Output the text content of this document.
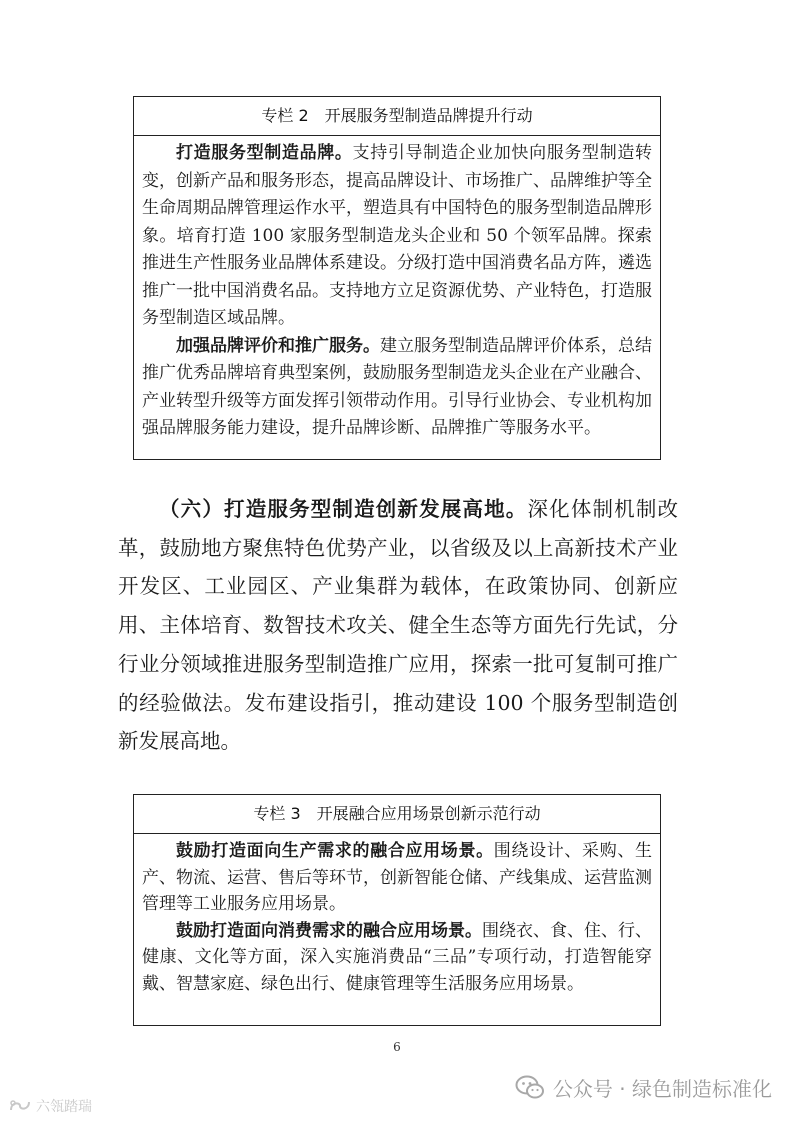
专栏 2　开展服务型制造品牌提升行动

打造服务型制造品牌。支持引导制造企业加快向服务型制造转变，创新产品和服务形态，提高品牌设计、市场推广、品牌维护等全生命周期品牌管理运作水平，塑造具有中国特色的服务型制造品牌形象。培育打造 100 家服务型制造龙头企业和 50 个领军品牌。探索推进生产性服务业品牌体系建设。分级打造中国消费名品方阵，遴选推广一批中国消费名品。支持地方立足资源优势、产业特色，打造服务型制造区域品牌。

加强品牌评价和推广服务。建立服务型制造品牌评价体系，总结推广优秀品牌培育典型案例，鼓励服务型制造龙头企业在产业融合、产业转型升级等方面发挥引领带动作用。引导行业协会、专业机构加强品牌服务能力建设，提升品牌诊断、品牌推广等服务水平。

（六）打造服务型制造创新发展高地。深化体制机制改革，鼓励地方聚焦特色优势产业，以省级及以上高新技术产业开发区、工业园区、产业集群为载体，在政策协同、创新应用、主体培育、数智技术攻关、健全生态等方面先行先试，分行业分领域推进服务型制造推广应用，探索一批可复制可推广的经验做法。发布建设指引，推动建设 100 个服务型制造创新发展高地。

专栏 3　开展融合应用场景创新示范行动

鼓励打造面向生产需求的融合应用场景。围绕设计、采购、生产、物流、运营、售后等环节，创新智能仓储、产线集成、运营监测管理等工业服务应用场景。

鼓励打造面向消费需求的融合应用场景。围绕衣、食、住、行、健康、文化等方面，深入实施消费品“三品”专项行动，打造智能穿戴、智慧家庭、绿色出行、健康管理等生活服务应用场景。

6
公众号 · 绿色制造标准化
六瓴踏瑞
